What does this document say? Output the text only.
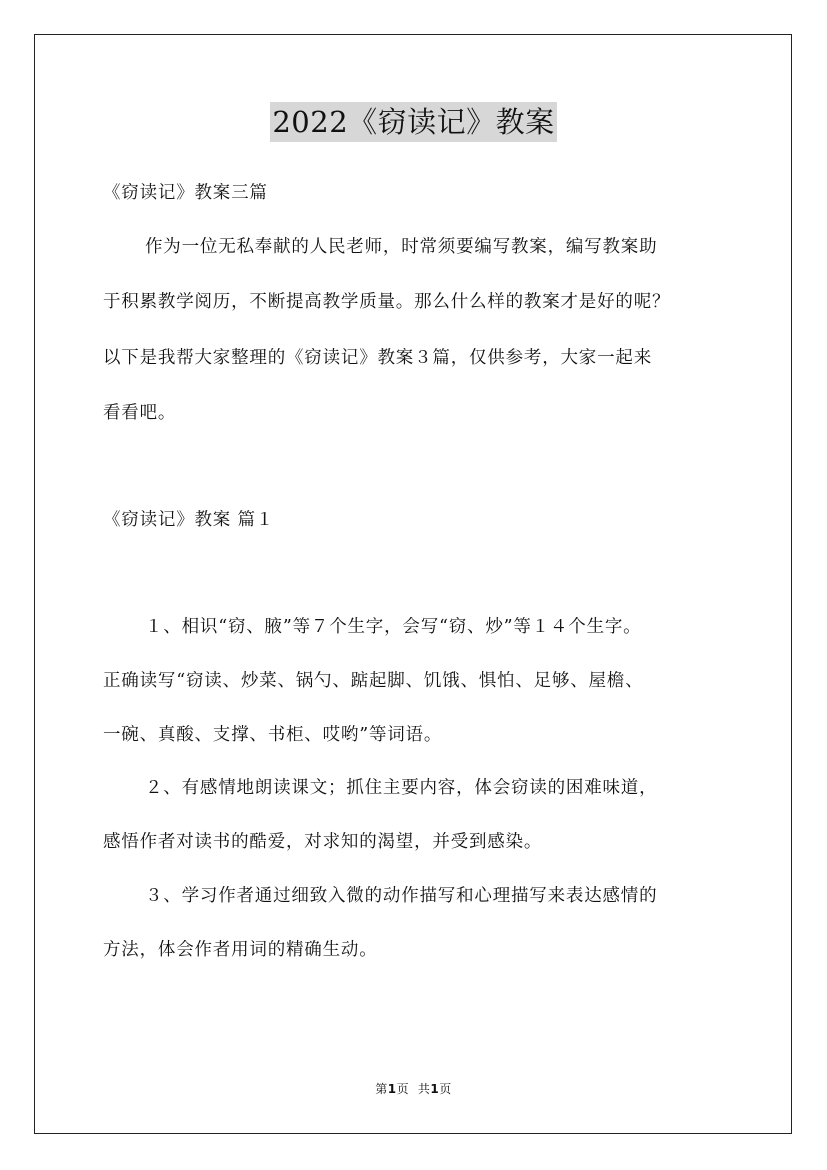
2022《窃读记》教案
《窃读记》教案三篇
作为一位无私奉献的人民老师，时常须要编写教案，编写教案助
于积累教学阅历，不断提高教学质量。那么什么样的教案才是好的呢？
以下是我帮大家整理的《窃读记》教案３篇，仅供参考，大家一起来
看看吧。
《窃读记》教案 篇１
１、相识“窃、腋”等７个生字，会写“窃、炒”等１４个生字。
正确读写“窃读、炒菜、锅勺、踮起脚、饥饿、惧怕、足够、屋檐、
一碗、真酸、支撑、书柜、哎哟”等词语。
２、有感情地朗读课文；抓住主要内容，体会窃读的困难味道，
感悟作者对读书的酷爱，对求知的渴望，并受到感染。
３、学习作者通过细致入微的动作描写和心理描写来表达感情的
方法，体会作者用词的精确生动。
第1页 共1页
